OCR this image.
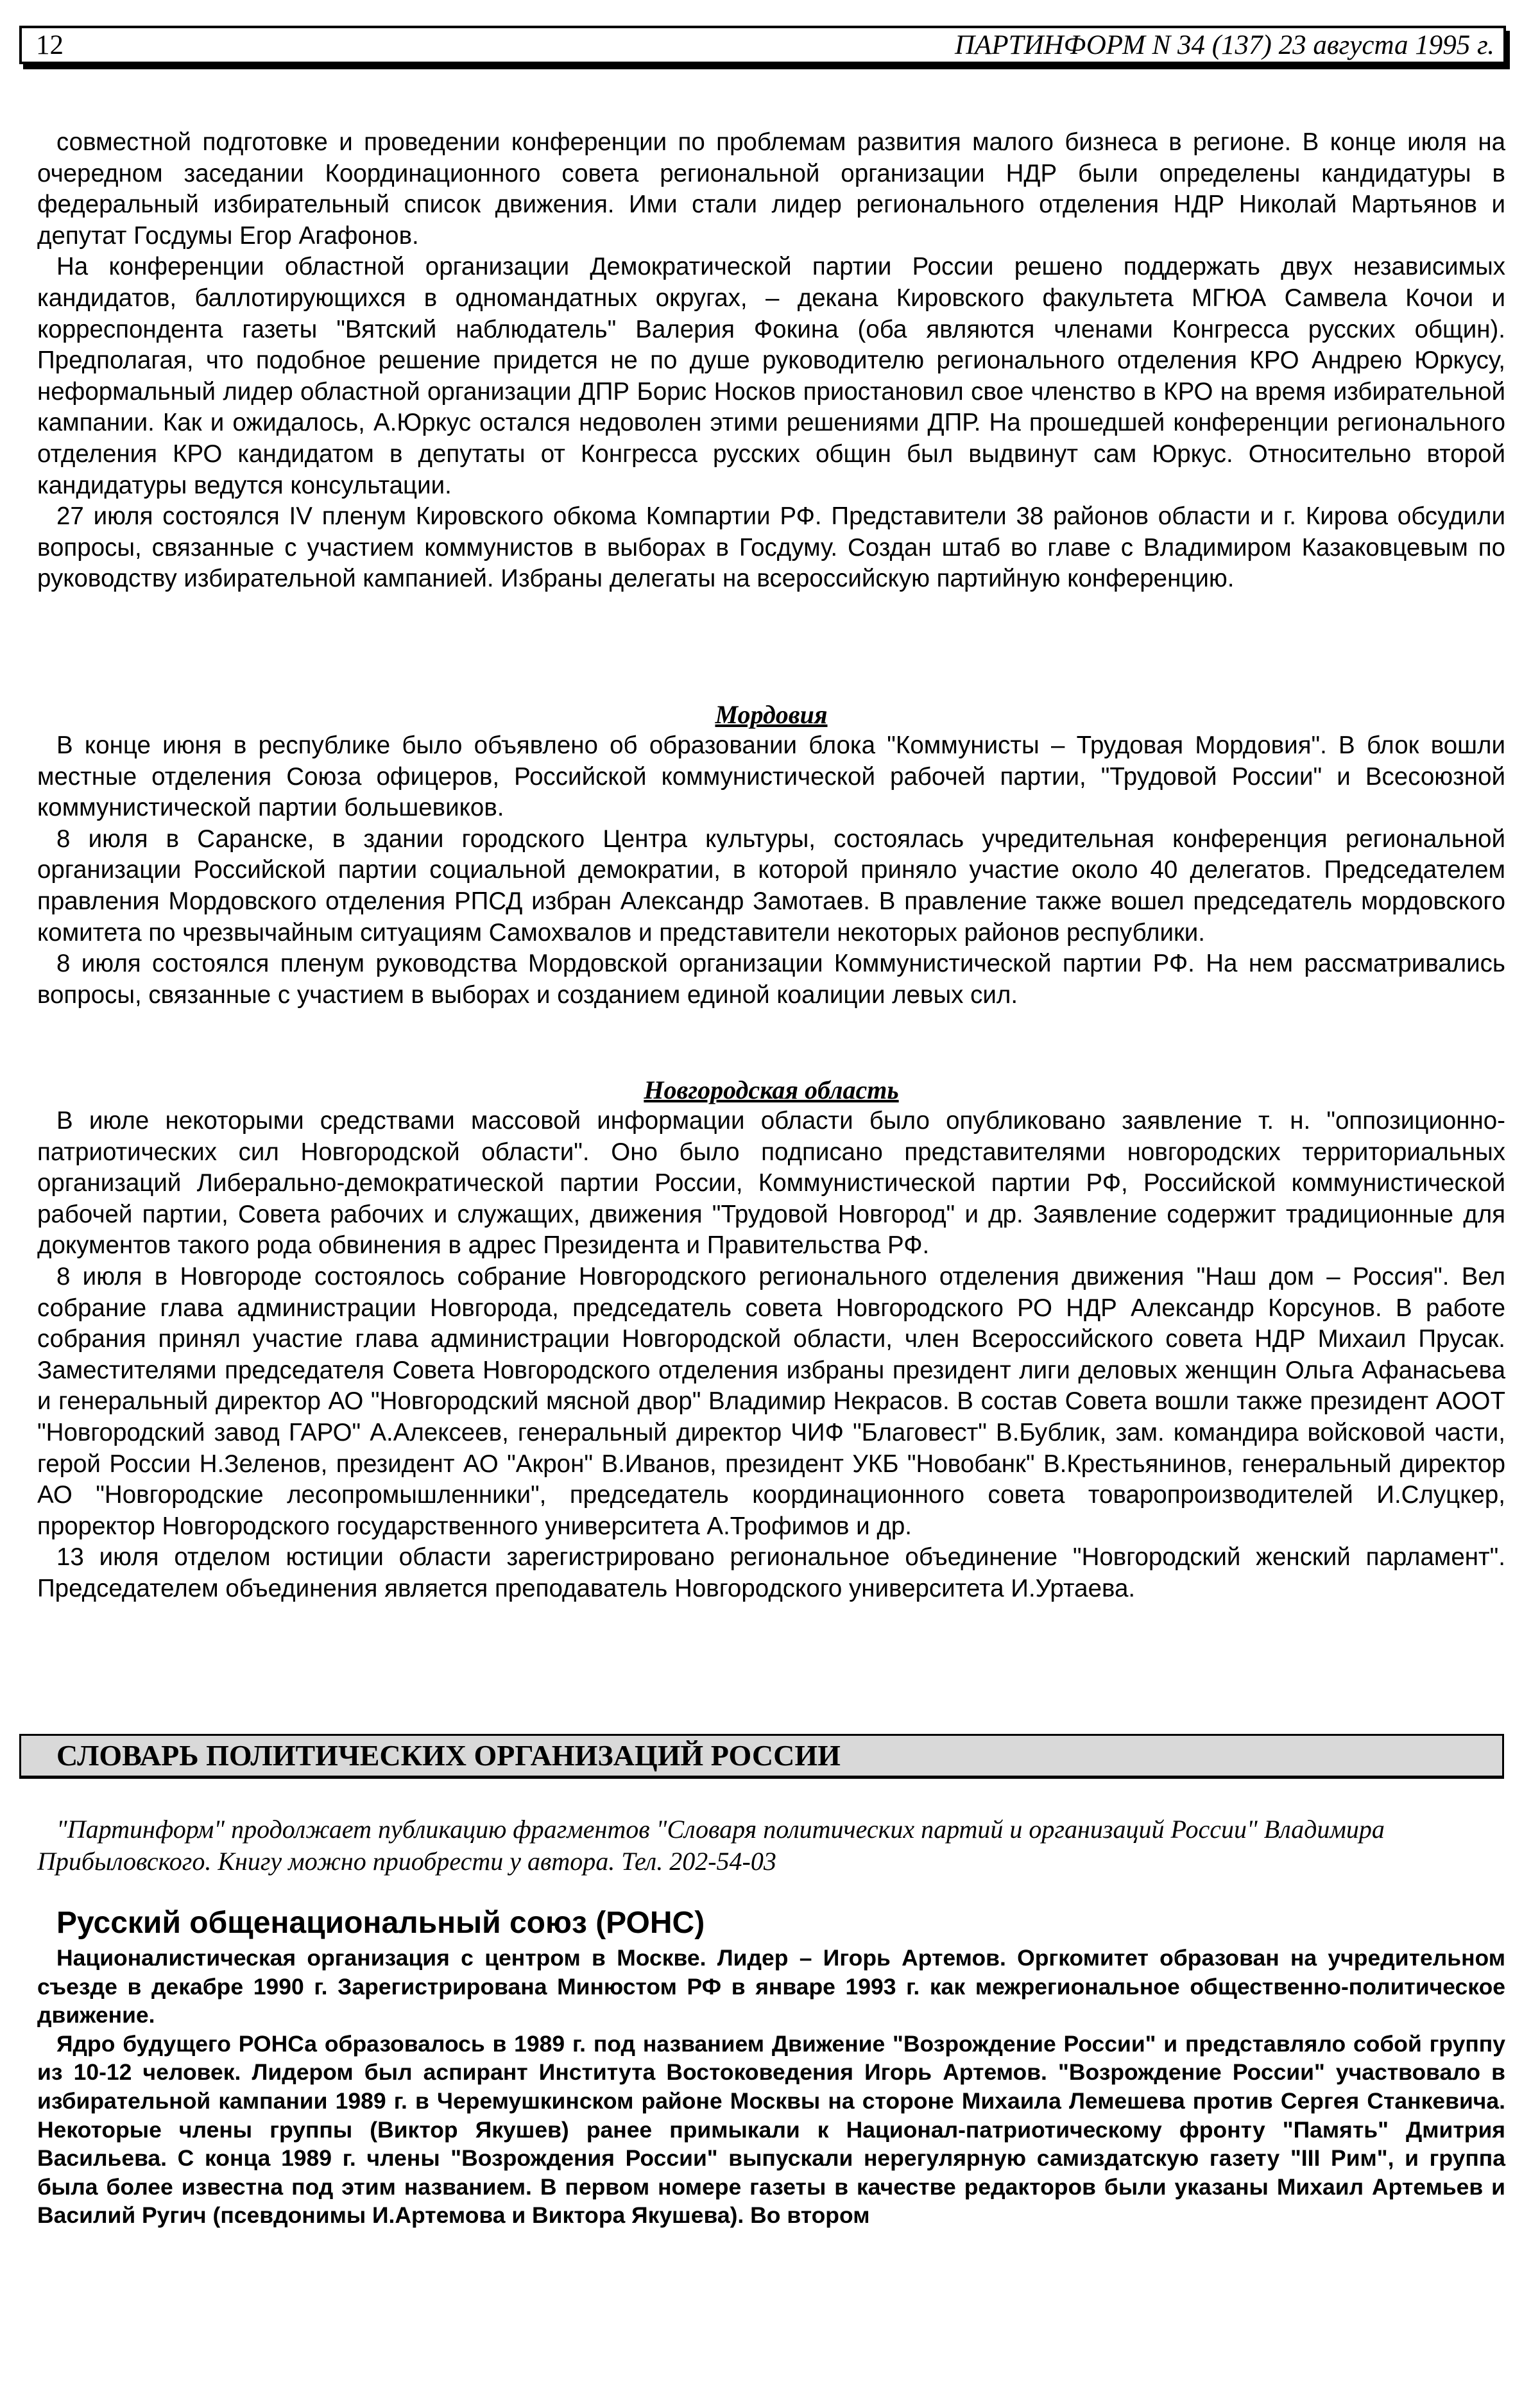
12	ПАРТИНФОРМ N 34 (137) 23 августа 1995 г.

совместной подготовке и проведении конференции по проблемам развития малого бизнеса в регионе. В конце июля на очередном заседании Координационного совета региональной организации НДР были определены кандидатуры в федеральный избирательный список движения. Ими стали лидер регионального отделения НДР Николай Мартьянов и депутат Госдумы Егор Агафонов.

На конференции областной организации Демократической партии России решено поддержать двух независимых кандидатов, баллотирующихся в одномандатных округах, – декана Кировского факультета МГЮА Самвела Кочои и корреспондента газеты "Вятский наблюдатель" Валерия Фокина (оба являются членами Конгресса русских общин). Предполагая, что подобное решение придется не по душе руководителю регионального отделения КРО Андрею Юркусу, неформальный лидер областной организации ДПР Борис Носков приостановил свое членство в КРО на время избирательной кампании. Как и ожидалось, А.Юркус остался недоволен этими решениями ДПР. На прошедшей конференции регионального отделения КРО кандидатом в депутаты от Конгресса русских общин был выдвинут сам Юркус. Относительно второй кандидатуры ведутся консультации.

27 июля состоялся IV пленум Кировского обкома Компартии РФ. Представители 38 районов области и г. Кирова обсудили вопросы, связанные с участием коммунистов в выборах в Госдуму. Создан штаб во главе с Владимиром Казаковцевым по руководству избирательной кампанией. Избраны делегаты на всероссийскую партийную конференцию.

Мордовия

В конце июня в республике было объявлено об образовании блока "Коммунисты – Трудовая Мордовия". В блок вошли местные отделения Союза офицеров, Российской коммунистической рабочей партии, "Трудовой России" и Всесоюзной коммунистической партии большевиков.

8 июля в Саранске, в здании городского Центра культуры, состоялась учредительная конференция региональной организации Российской партии социальной демократии, в которой приняло участие около 40 делегатов. Председателем правления Мордовского отделения РПСД избран Александр Замотаев. В правление также вошел председатель мордовского комитета по чрезвычайным ситуациям Самохвалов и представители некоторых районов республики.

8 июля состоялся пленум руководства Мордовской организации Коммунистической партии РФ. На нем рассматривались вопросы, связанные с участием в выборах и созданием единой коалиции левых сил.

Новгородская область

В июле некоторыми средствами массовой информации области было опубликовано заявление т. н. "оппозиционно-патриотических сил Новгородской области". Оно было подписано представителями новгородских территориальных организаций Либерально-демократической партии России, Коммунистической партии РФ, Российской коммунистической рабочей партии, Совета рабочих и служащих, движения "Трудовой Новгород" и др. Заявление содержит традиционные для документов такого рода обвинения в адрес Президента и Правительства РФ.

8 июля в Новгороде состоялось собрание Новгородского регионального отделения движения "Наш дом – Россия". Вел собрание глава администрации Новгорода, председатель совета Новгородского РО НДР Александр Корсунов. В работе собрания принял участие глава администрации Новгородской области, член Всероссийского совета НДР Михаил Прусак. Заместителями председателя Совета Новгородского отделения избраны президент лиги деловых женщин Ольга Афанасьева и генеральный директор АО "Новгородский мясной двор" Владимир Некрасов. В состав Совета вошли также президент АООТ "Новгородский завод ГАРО" А.Алексеев, генеральный директор ЧИФ "Благовест" В.Бублик, зам. командира войсковой части, герой России Н.Зеленов, президент АО "Акрон" В.Иванов, президент УКБ "Новобанк" В.Крестьянинов, генеральный директор АО "Новгородские лесопромышленники", председатель координационного совета товаропроизводителей И.Слуцкер, проректор Новгородского государственного университета А.Трофимов и др.

13 июля отделом юстиции области зарегистрировано региональное объединение "Новгородский женский парламент". Председателем объединения является преподаватель Новгородского университета И.Уртаева.

СЛОВАРЬ ПОЛИТИЧЕСКИХ ОРГАНИЗАЦИЙ РОССИИ
"Партинформ" продолжает публикацию фрагментов "Словаря политических партий и организаций России" Владимира Прибыловского. Книгу можно приобрести у автора. Тел. 202-54-03
Русский общенациональный союз (РОНС)

Националистическая организация с центром в Москве. Лидер – Игорь Артемов. Оргкомитет образован на учредительном съезде в декабре 1990 г. Зарегистрирована Минюстом РФ в январе 1993 г. как межрегиональное общественно-политическое движение.

Ядро будущего РОНСа образовалось в 1989 г. под названием Движение "Возрождение России" и представляло собой группу из 10-12 человек. Лидером был аспирант Института Востоковедения Игорь Артемов. "Возрождение России" участвовало в избирательной кампании 1989 г. в Черемушкинском районе Москвы на стороне Михаила Лемешева против Сергея Станкевича. Некоторые члены группы (Виктор Якушев) ранее примыкали к Национал-патриотическому фронту "Память" Дмитрия Васильева. С конца 1989 г. члены "Возрождения России" выпускали нерегулярную самиздатскую газету "III Рим", и группа была более известна под этим названием. В первом номере газеты в качестве редакторов были указаны Михаил Артемьев и Василий Ругич (псевдонимы И.Артемова и Виктора Якушева). Во втором
